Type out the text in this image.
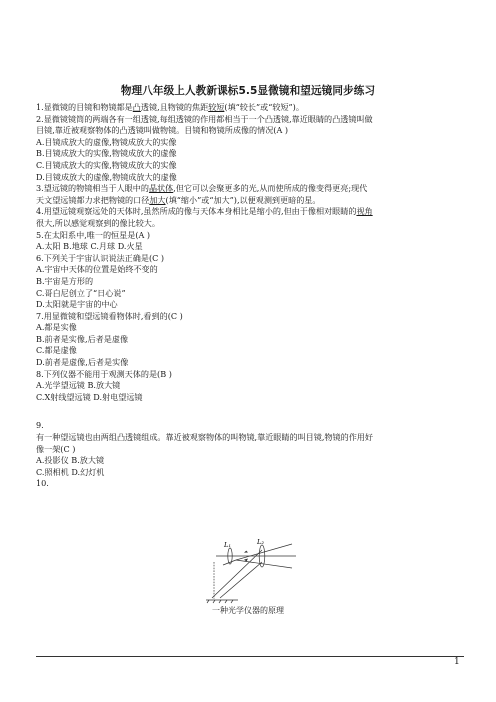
物理八年级上人教新课标5.5显微镜和望远镜同步练习
1.显微镜的目镜和物镜都是凸透镜,且物镜的焦距较短(填“较长”或“较短”)。
2.显微镜镜筒的两端各有一组透镜,每组透镜的作用都相当于一个凸透镜,靠近眼睛的凸透镜叫做
目镜,靠近被观察物体的凸透镜叫做物镜。目镜和物镜所成像的情况(A )
A.目镜成放大的虚像,物镜成放大的实像
B.目镜成放大的实像,物镜成放大的虚像
C.目镜成放大的实像,物镜成放大的实像
D.目镜成放大的虚像,物镜成放大的虚像
3.望远镜的物镜相当于人眼中的晶状体,但它可以会聚更多的光,从而使所成的像变得更亮;现代
天文望远镜都力求把物镜的口径加大(填“缩小”或“加大”),以便观测到更暗的星。
4.用望远镜观察远处的天体时,虽然所成的像与天体本身相比是缩小的,但由于像相对眼睛的视角
很大,所以感觉观察到的像比较大。
5.在太阳系中,唯一的恒星是(A )
A.太阳 B.地球 C.月球 D.火星
6.下列关于宇宙认识说法正确是(C )
A.宇宙中天体的位置是始终不变的
B.宇宙是方形的
C.哥白尼创立了“日心说”
D.太阳就是宇宙的中心
7.用显微镜和望远镜看物体时,看到的(C )
A.都是实像
B.前者是实像,后者是虚像
C.都是虚像
D.前者是虚像,后者是实像
8.下列仪器不能用于观测天体的是(B )
A.光学望远镜 B.放大镜
C.X射线望远镜 D.射电望远镜
9.
有一种望远镜也由两组凸透镜组成。靠近被观察物体的叫物镜,靠近眼睛的叫目镜,物镜的作用好
像一架(C )
A.投影仪 B.放大镜
C.照相机 D.幻灯机
10.
L₁	L₂
一种光学仪器的原理
1
